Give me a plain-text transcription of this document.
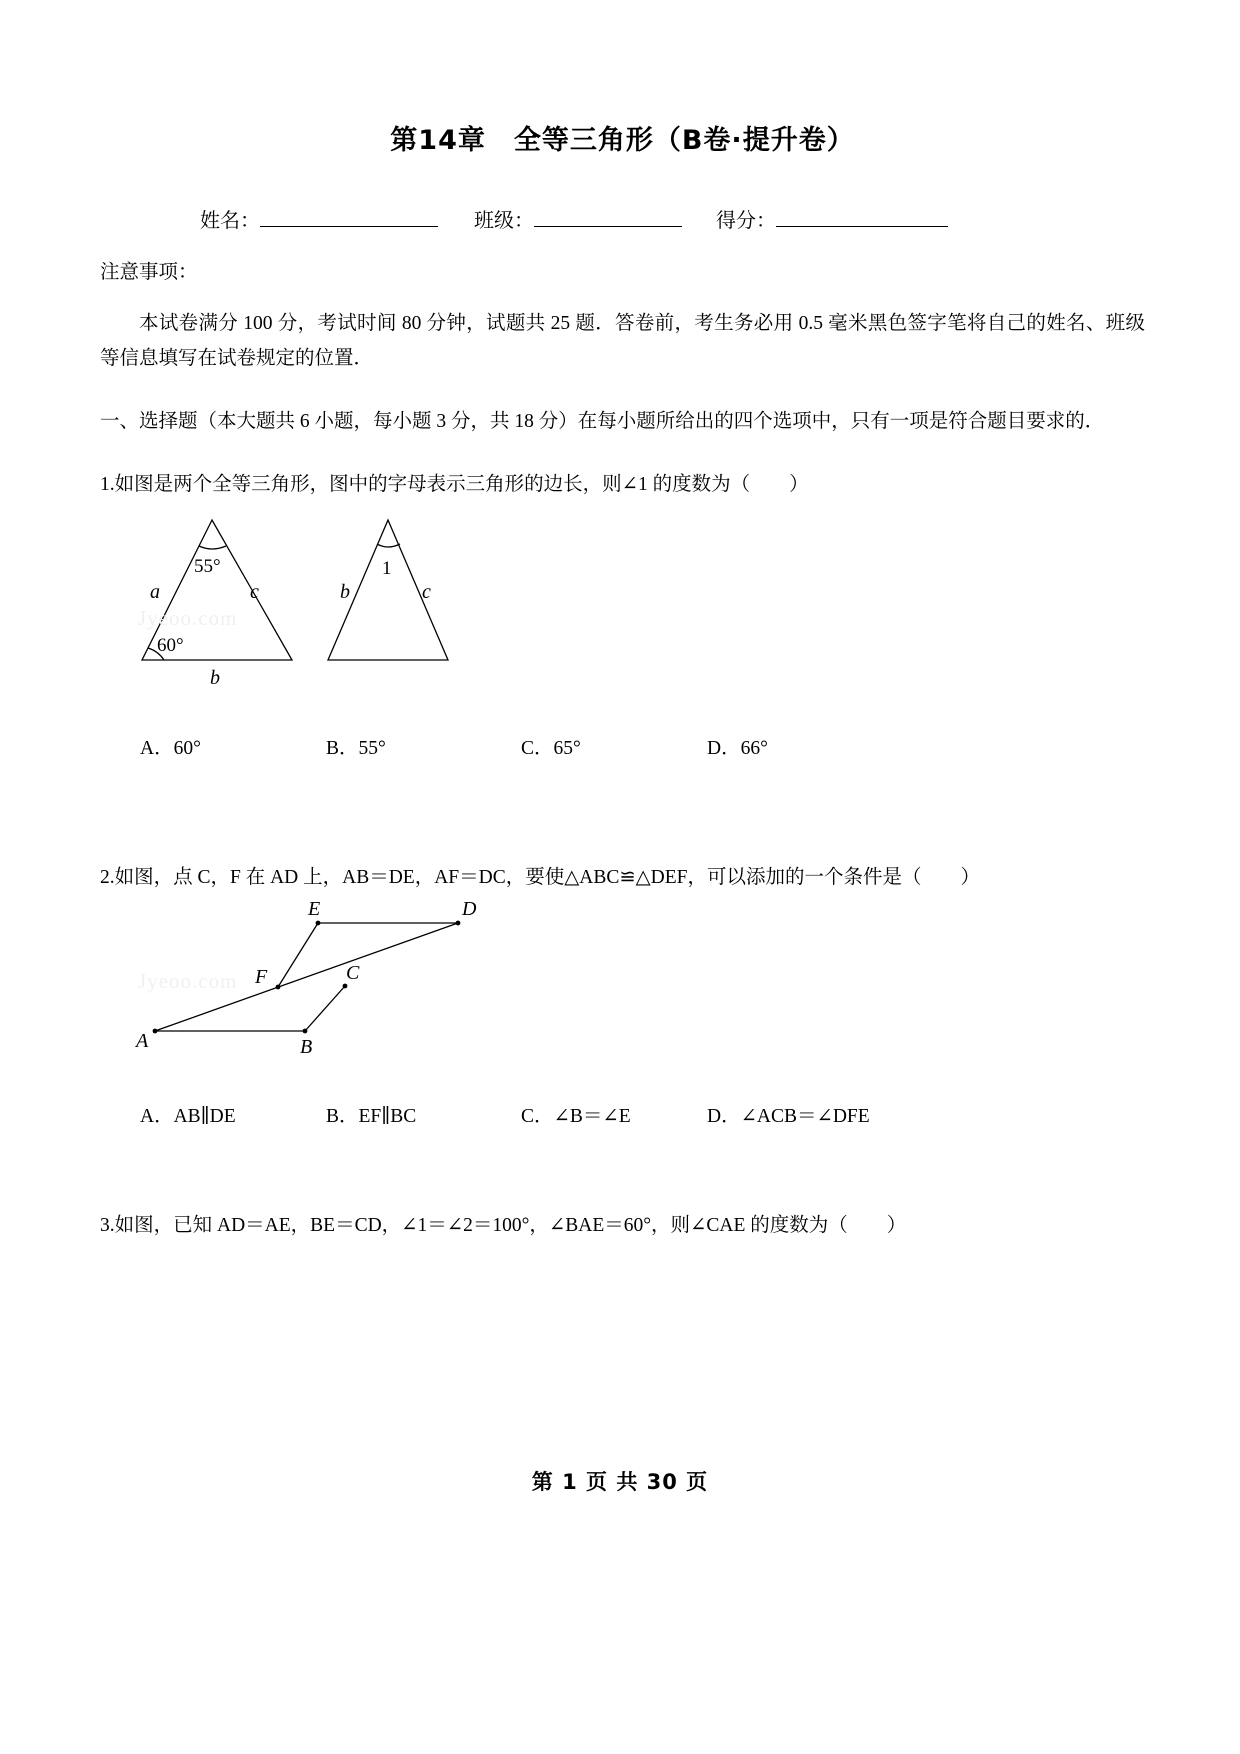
第14章　全等三角形（B卷·提升卷）
姓名：	班级：	得分：
注意事项：
本试卷满分 100 分，考试时间 80 分钟，试题共 25 题．答卷前，考生务必用 0.5 毫米黑色签字笔将自己的姓名、班级等信息填写在试卷规定的位置．
一、选择题（本大题共 6 小题，每小题 3 分，共 18 分）在每小题所给出的四个选项中，只有一项是符合题目要求的．
1.如图是两个全等三角形，图中的字母表示三角形的边长，则∠1 的度数为（　　）
Jyeoo.com
55°
60°
a	c
b
1
b	c
A．60°	B．55°	C．65°	D．66°
2.如图，点 C，F 在 AD 上，AB＝DE，AF＝DC，要使△ABC≌△DEF，可以添加的一个条件是（　　）
Jyeoo.com
E	D
F	C
A	B
A．AB∥DE	B．EF∥BC	C．∠B＝∠E	D．∠ACB＝∠DFE
3.如图，已知 AD＝AE，BE＝CD，∠1＝∠2＝100°，∠BAE＝60°，则∠CAE 的度数为（　　）
第 1 页 共 30 页
